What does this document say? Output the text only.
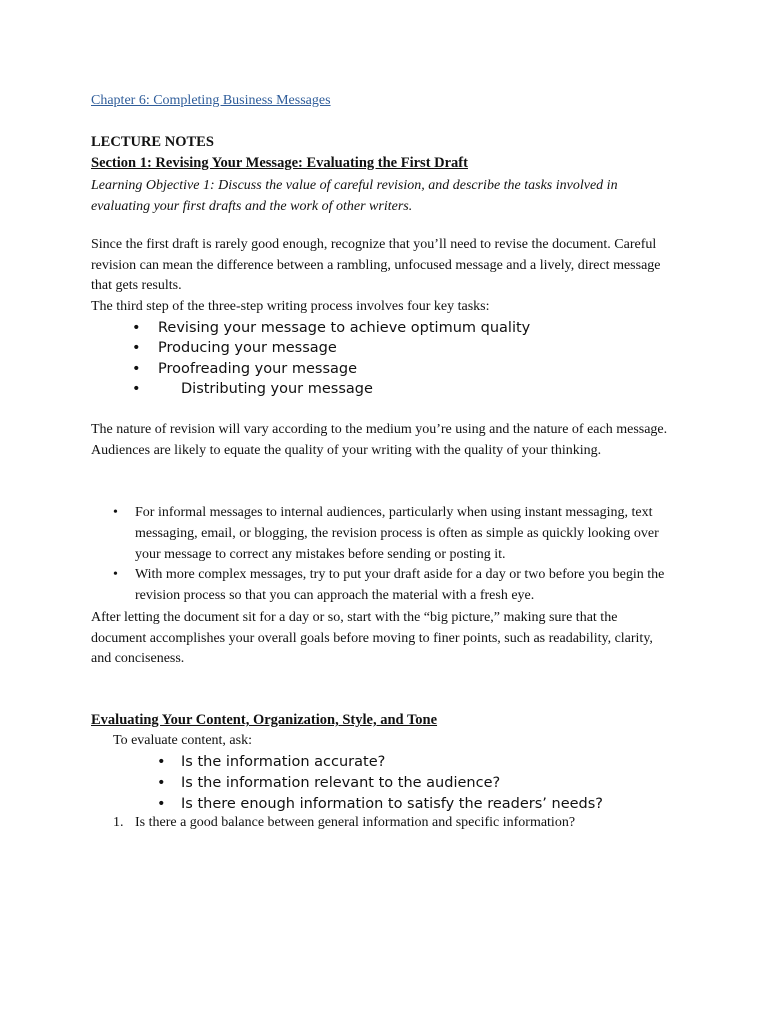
Chapter 6: Completing Business Messages
LECTURE NOTES
Section 1: Revising Your Message: Evaluating the First Draft
Learning Objective 1: Discuss the value of careful revision, and describe the tasks involved in evaluating your first drafts and the work of other writers.
Since the first draft is rarely good enough, recognize that you’ll need to revise the document. Careful revision can mean the difference between a rambling, unfocused message and a lively, direct message that gets results.
The third step of the three-step writing process involves four key tasks:
• Revising your message to achieve optimum quality
• Producing your message
• Proofreading your message
• Distributing your message
The nature of revision will vary according to the medium you’re using and the nature of each message. Audiences are likely to equate the quality of your writing with the quality of your thinking.
• For informal messages to internal audiences, particularly when using instant messaging, text messaging, email, or blogging, the revision process is often as simple as quickly looking over your message to correct any mistakes before sending or posting it.
• With more complex messages, try to put your draft aside for a day or two before you begin the revision process so that you can approach the material with a fresh eye.
After letting the document sit for a day or so, start with the “big picture,” making sure that the document accomplishes your overall goals before moving to finer points, such as readability, clarity, and conciseness.
Evaluating Your Content, Organization, Style, and Tone
To evaluate content, ask:
• Is the information accurate?
• Is the information relevant to the audience?
• Is there enough information to satisfy the readers’ needs?
1. Is there a good balance between general information and specific information?
